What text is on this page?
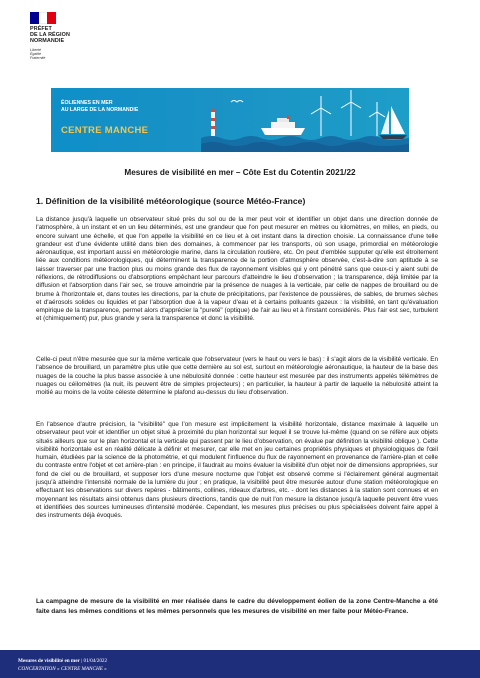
PRÉFET
DE LA RÉGION
NORMANDIE
Liberté
Égalité
Fraternité
ÉOLIENNES EN MER
AU LARGE DE LA NORMANDIE
CENTRE MANCHE
Mesures de visibilité en mer – Côte Est du Cotentin 2021/22
1. Définition de la visibilité météorologique (source Météo-France)

La distance jusqu'à laquelle un observateur situé près du sol ou de la mer peut voir et identifier un objet dans une direction donnée de l'atmosphère, à un instant et en un lieu déterminés, est une grandeur que l'on peut mesurer en mètres ou kilomètres, en milles, en pieds, ou encore suivant une échelle, et que l'on appelle la visibilité en ce lieu et à cet instant dans la direction choisie. La connaissance d'une telle grandeur est d'une évidente utilité dans bien des domaines, à commencer par les transports, où son usage, primordial en météorologie aéronautique, est important aussi en météorologie marine, dans la circulation routière, etc. On peut d'emblée supputer qu'elle est étroitement liée aux conditions météorologiques, qui déterminent la transparence de la portion d'atmosphère observée, c'est-à-dire son aptitude à se laisser traverser par une fraction plus ou moins grande des flux de rayonnement visibles qui y ont pénétré sans que ceux-ci y aient subi de réflexions, de rétrodiffusions ou d'absorptions empêchant leur parcours d'atteindre le lieu d'observation ; la transparence, déjà limitée par la diffusion et l'absorption dans l'air sec, se trouve amoindrie par la présence de nuages à la verticale, par celle de nappes de brouillard ou de brume à l'horizontale et, dans toutes les directions, par la chute de précipitations, par l'existence de poussières, de sables, de brumes sèches et d'aérosols solides ou liquides et par l'absorption due à la vapeur d'eau et à certains polluants gazeux : la visibilité, en tant qu'évaluation empirique de la transparence, permet alors d'apprécier la "pureté" (optique) de l'air au lieu et à l'instant considérés. Plus l'air est sec, turbulent et (chimiquement) pur, plus grande y sera la transparence et donc la visibilité.

Celle-ci peut n'être mesurée que sur la même verticale que l'observateur (vers le haut ou vers le bas) : il s'agit alors de la visibilité verticale. En l'absence de brouillard, un paramètre plus utile que cette dernière au sol est, surtout en météorologie aéronautique, la hauteur de la base des nuages de la couche la plus basse associée à une nébulosité donnée : cette hauteur est mesurée par des instruments appelés télémètres de nuages ou céilomètres (la nuit, ils peuvent être de simples projecteurs) ; en particulier, la hauteur à partir de laquelle la nébulosité atteint la moitié au moins de la voûte céleste détermine le plafond au-dessus du lieu d'observation.

En l'absence d'autre précision, la "visibilité" que l'on mesure est implicitement la visibilité horizontale, distance maximale à laquelle un observateur peut voir et identifier un objet situé à proximité du plan horizontal sur lequel il se trouve lui-même (quand on se réfère aux objets situés ailleurs que sur le plan horizontal et la verticale qui passent par le lieu d'observation, on évalue par définition la visibilité oblique ). Cette visibilité horizontale est en réalité délicate à définir et mesurer, car elle met en jeu certaines propriétés physiques et physiologiques de l'œil humain, étudiées par la science de la photométrie, et qui modulent l'influence du flux de rayonnement en provenance de l'arrière-plan et celle du contraste entre l'objet et cet arrière-plan : en principe, il faudrait au moins évaluer la visibilité d'un objet noir de dimensions appropriées, sur fond de ciel ou de brouillard, et supposer lors d'une mesure nocturne que l'objet est observé comme si l'éclairement général augmentait jusqu'à atteindre l'intensité normale de la lumière du jour ; en pratique, la visibilité peut être mesurée autour d'une station météorologique en effectuant les observations sur divers repères - bâtiments, collines, rideaux d'arbres, etc. - dont les distances à la station sont connues et en moyennant les résultats ainsi obtenus dans plusieurs directions, tandis que de nuit l'on mesure la distance jusqu'à laquelle peuvent être vues et identifiées des sources lumineuses d'intensité modérée. Cependant, les mesures plus précises ou plus spécialisées doivent faire appel à des instruments déjà évoqués.

La campagne de mesure de la visibilité en mer réalisée dans le cadre du développement éolien de la zone Centre-Manche a été faite dans les mêmes conditions et les mêmes personnels que les mesures de visibilité en mer faite pour Météo-France.

Mesures de visibilité en mer | 01/04/2022
CONCERTATION « CENTRE MANCHE »
